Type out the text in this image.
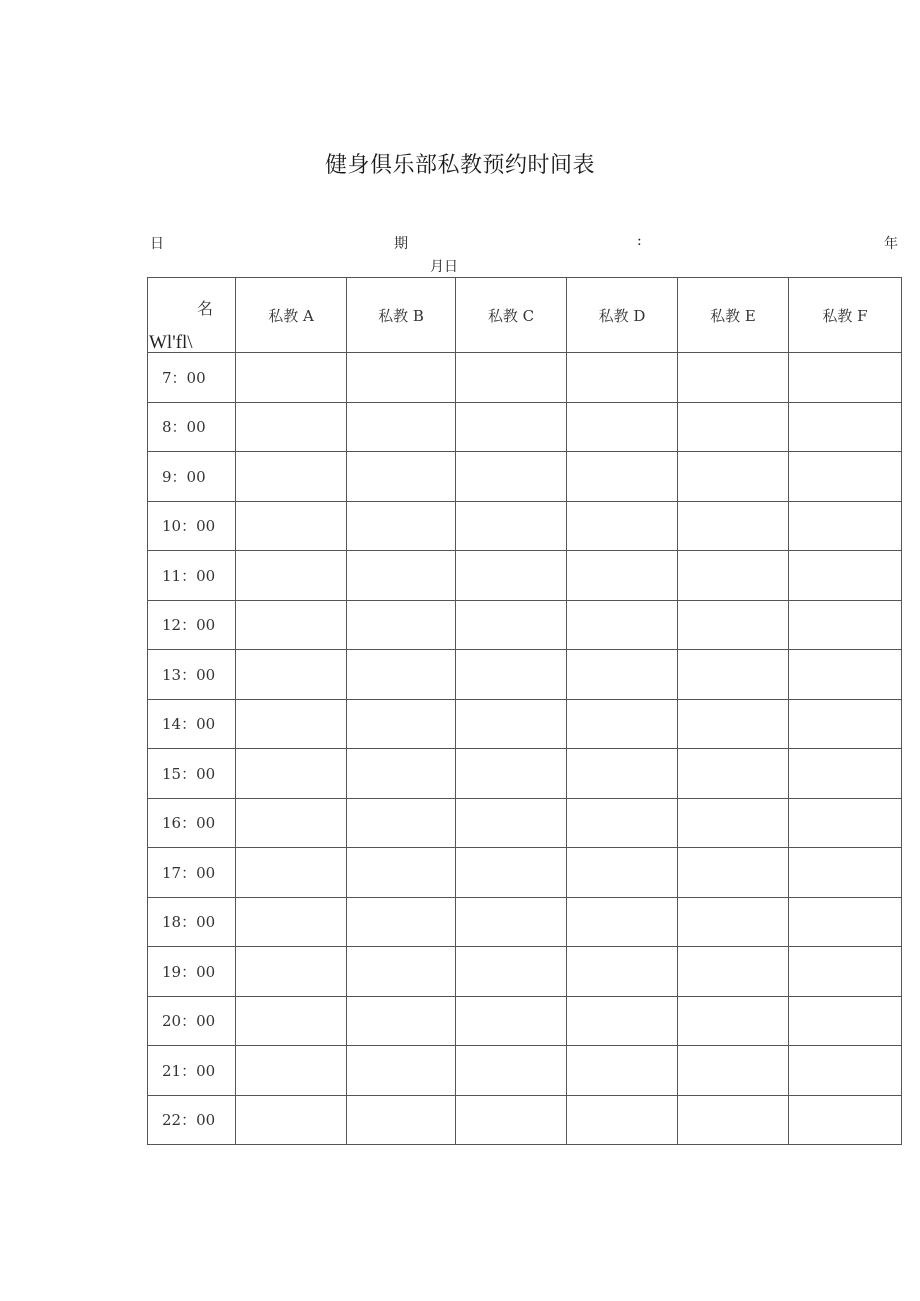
健身俱乐部私教预约时间表
日	期	:	年
月日
名
Wl'fl\	私教 A	私教 B	私教 C	私教 D	私教 E	私教 F
7：00						
8：00						
9：00						
10：00						
11：00						
12：00						
13：00						
14：00						
15：00						
16：00						
17：00						
18：00						
19：00						
20：00						
21：00						
22：00						
